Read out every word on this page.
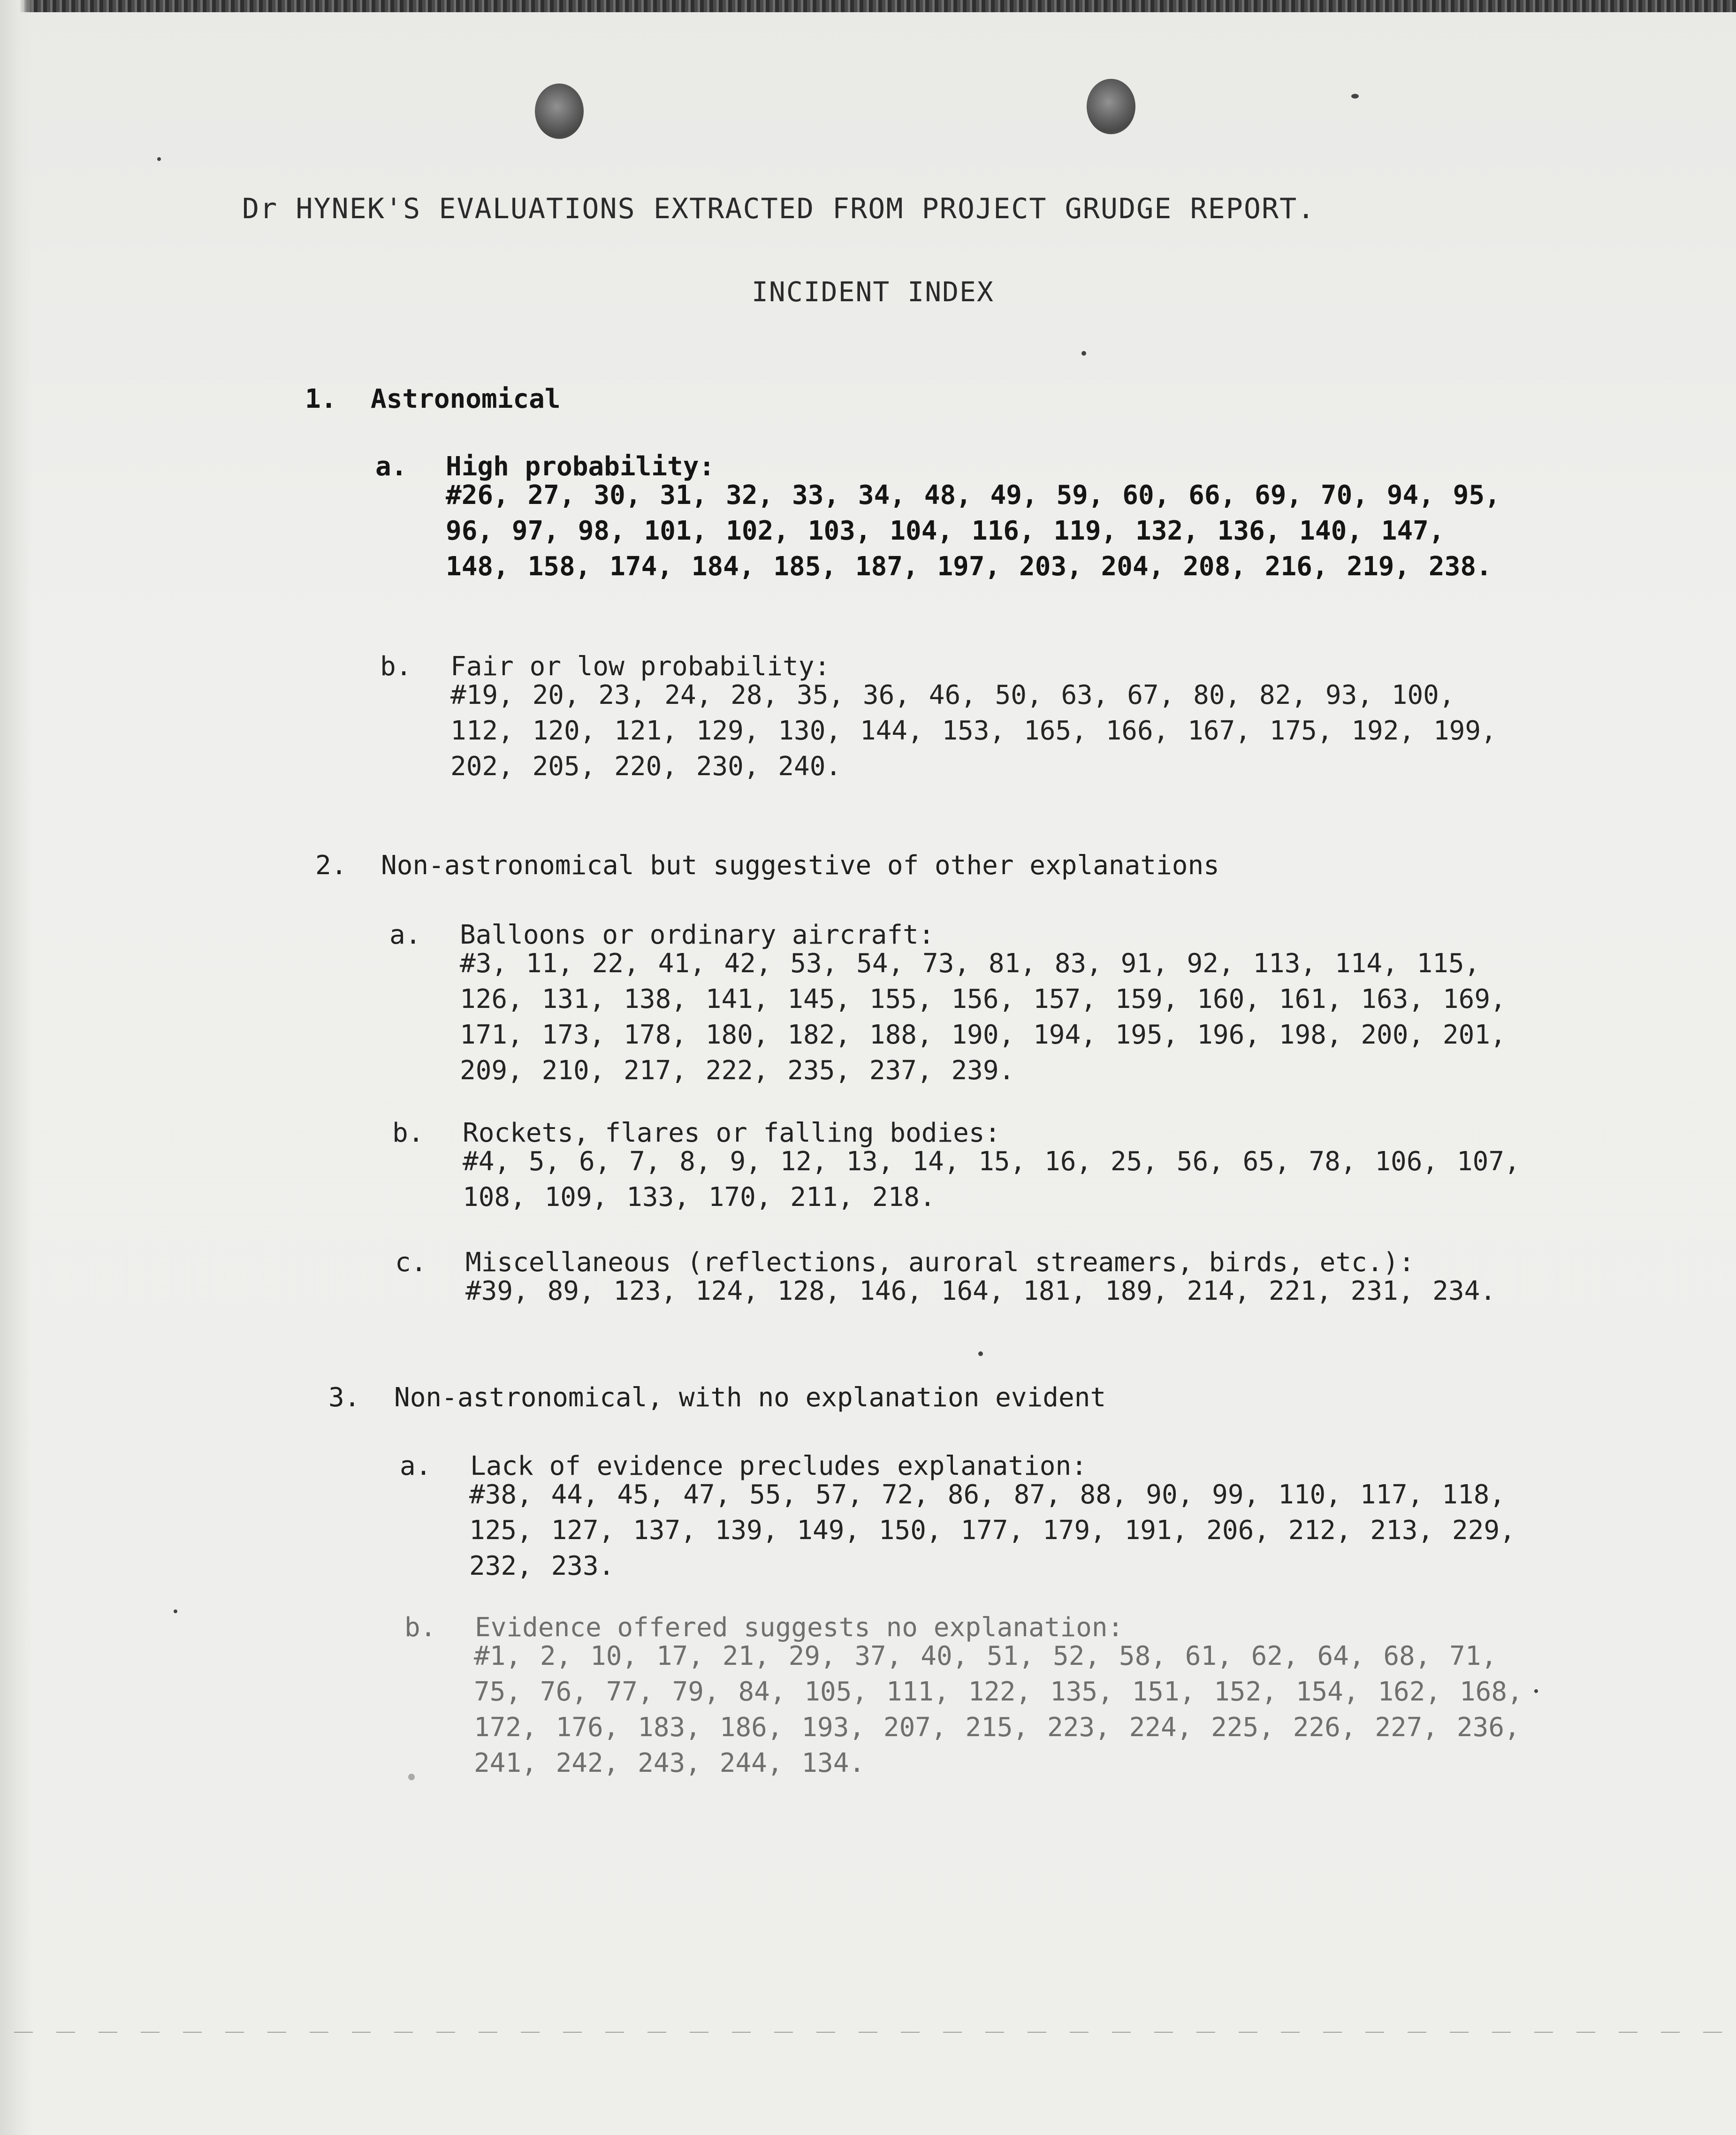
Dr HYNEK'S EVALUATIONS EXTRACTED FROM PROJECT GRUDGE REPORT.
INCIDENT INDEX
1. Astronomical
a. High probability:
#26, 27, 30, 31, 32, 33, 34, 48, 49, 59, 60, 66, 69, 70, 94, 95, 96, 97, 98, 101, 102, 103, 104, 116, 119, 132, 136, 140, 147, 148, 158, 174, 184, 185, 187, 197, 203, 204, 208, 216, 219, 238.
b. Fair or low probability:
#19, 20, 23, 24, 28, 35, 36, 46, 50, 63, 67, 80, 82, 93, 100, 112, 120, 121, 129, 130, 144, 153, 165, 166, 167, 175, 192, 199, 202, 205, 220, 230, 240.
2. Non-astronomical but suggestive of other explanations
a. Balloons or ordinary aircraft:
#3, 11, 22, 41, 42, 53, 54, 73, 81, 83, 91, 92, 113, 114, 115, 126, 131, 138, 141, 145, 155, 156, 157, 159, 160, 161, 163, 169, 171, 173, 178, 180, 182, 188, 190, 194, 195, 196, 198, 200, 201, 209, 210, 217, 222, 235, 237, 239.
b. Rockets, flares or falling bodies:
#4, 5, 6, 7, 8, 9, 12, 13, 14, 15, 16, 25, 56, 65, 78, 106, 107, 108, 109, 133, 170, 211, 218.
c. Miscellaneous (reflections, auroral streamers, birds, etc.):
#39, 89, 123, 124, 128, 146, 164, 181, 189, 214, 221, 231, 234.
3. Non-astronomical, with no explanation evident
a. Lack of evidence precludes explanation:
#38, 44, 45, 47, 55, 57, 72, 86, 87, 88, 90, 99, 110, 117, 118, 125, 127, 137, 139, 149, 150, 177, 179, 191, 206, 212, 213, 229, 232, 233.
b. Evidence offered suggests no explanation:
#1, 2, 10, 17, 21, 29, 37, 40, 51, 52, 58, 61, 62, 64, 68, 71, 75, 76, 77, 79, 84, 105, 111, 122, 135, 151, 152, 154, 162, 168, 172, 176, 183, 186, 193, 207, 215, 223, 224, 225, 226, 227, 236, 241, 242, 243, 244, 134.
